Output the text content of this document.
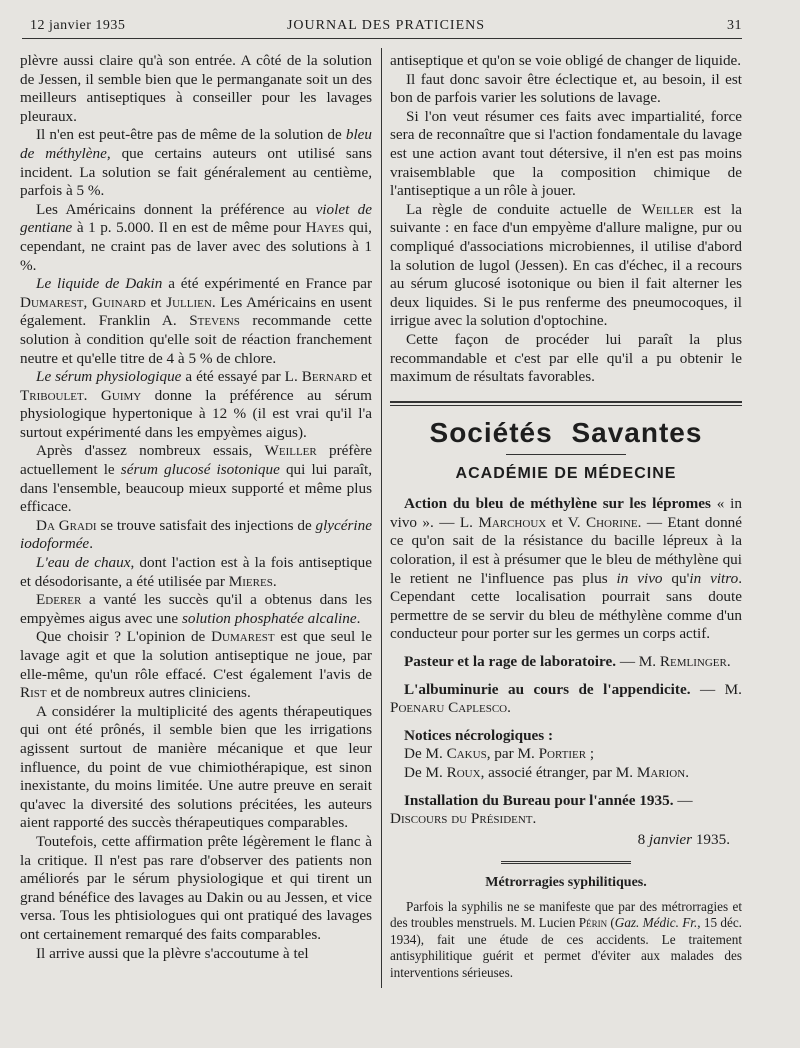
12 janvier 1935	JOURNAL DES PRATICIENS	31

plèvre aussi claire qu'à son entrée. A côté de la solution de Jessen, il semble bien que le permanganate soit un des meilleurs antiseptiques à conseiller pour les lavages pleuraux.

Il n'en est peut-être pas de même de la solution de bleu de méthylène, que certains auteurs ont utilisé sans incident. La solution se fait généralement au centième, parfois à 5 %.

Les Américains donnent la préférence au violet de gentiane à 1 p. 5.000. Il en est de même pour Hayes qui, cependant, ne craint pas de laver avec des solutions à 1 %.

Le liquide de Dakin a été expérimenté en France par Dumarest, Guinard et Jullien. Les Américains en usent également. Franklin A. Stevens recommande cette solution à condition qu'elle soit de réaction franchement neutre et qu'elle titre de 4 à 5 % de chlore.

Le sérum physiologique a été essayé par L. Bernard et Triboulet. Guimy donne la préférence au sérum physiologique hypertonique à 12 % (il est vrai qu'il l'a surtout expérimenté dans les empyèmes aigus).

Après d'assez nombreux essais, Weiller préfère actuellement le sérum glucosé isotonique qui lui paraît, dans l'ensemble, beaucoup mieux supporté et même plus efficace.

Da Gradi se trouve satisfait des injections de glycérine iodoformée.

L'eau de chaux, dont l'action est à la fois antiseptique et désodorisante, a été utilisée par Mieres.

Ederer a vanté les succès qu'il a obtenus dans les empyèmes aigus avec une solution phosphatée alcaline.

Que choisir ? L'opinion de Dumarest est que seul le lavage agit et que la solution antiseptique ne joue, par elle-même, qu'un rôle effacé. C'est également l'avis de Rist et de nombreux autres cliniciens.

A considérer la multiplicité des agents thérapeutiques qui ont été prônés, il semble bien que les irrigations agissent surtout de manière mécanique et que leur influence, du point de vue chimiothérapique, est sinon inexistante, du moins limitée. Une autre preuve en serait qu'avec la diversité des solutions précitées, les auteurs aient rapporté des succès thérapeutiques comparables.

Toutefois, cette affirmation prête légèrement le flanc à la critique. Il n'est pas rare d'observer des patients non améliorés par le sérum physiologique et qui tirent un grand bénéfice des lavages au Dakin ou au Jessen, et vice versa. Tous les phtisiologues qui ont pratiqué des lavages ont certainement remarqué des faits comparables.

Il arrive aussi que la plèvre s'accoutume à tel

antiseptique et qu'on se voie obligé de changer de liquide.

Il faut donc savoir être éclectique et, au besoin, il est bon de parfois varier les solutions de lavage.

Si l'on veut résumer ces faits avec impartialité, force sera de reconnaître que si l'action fondamentale du lavage est une action avant tout détersive, il n'en est pas moins vraisemblable que la composition chimique de l'antiseptique a un rôle à jouer.

La règle de conduite actuelle de Weiller est la suivante : en face d'un empyème d'allure maligne, pur ou compliqué d'associations microbiennes, il utilise d'abord la solution de lugol (Jessen). En cas d'échec, il a recours au sérum glucosé isotonique ou bien il fait alterner les deux liquides. Si le pus renferme des pneumocoques, il irrigue avec la solution d'optochine.

Cette façon de procéder lui paraît la plus recommandable et c'est par elle qu'il a pu obtenir le maximum de résultats favorables.

Sociétés Savantes
ACADÉMIE DE MÉDECINE

Action du bleu de méthylène sur les lépromes « in vivo ». — L. Marchoux et V. Chorine. — Etant donné ce qu'on sait de la résistance du bacille lépreux à la coloration, il est à présumer que le bleu de méthylène qui le retient ne l'influence pas plus in vivo qu'in vitro. Cependant cette localisation pourrait sans doute permettre de se servir du bleu de méthylène comme d'un conducteur pour porter sur les germes un corps actif.

Pasteur et la rage de laboratoire. — M. Remlinger.

L'albuminurie au cours de l'appendicite. — M. Poenaru Caplesco.

Notices nécrologiques :

De M. Cakus, par M. Portier ;

De M. Roux, associé étranger, par M. Marion.

Installation du Bureau pour l'année 1935. —

Discours du Président.

8 janvier 1935.
Métrorragies syphilitiques.

Parfois la syphilis ne se manifeste que par des métrorragies et des troubles menstruels. M. Lucien Périn (Gaz. Médic. Fr., 15 déc. 1934), fait une étude de ces accidents. Le traitement antisyphilitique guérit et permet d'éviter aux malades des interventions sérieuses.
